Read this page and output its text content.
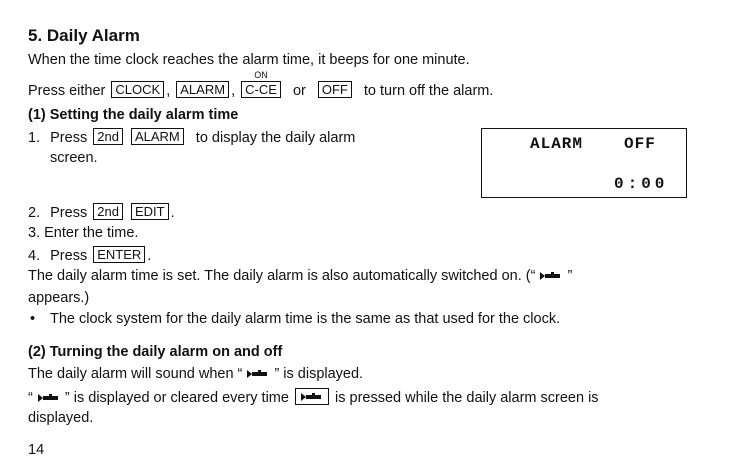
5. Daily Alarm
When the time clock reaches the alarm time, it beeps for one minute.
Press either CLOCK , ALARM ,
ON
C-CE or OFF to turn off the alarm.
(1) Setting the daily alarm time
1. Press 2nd ALARM to display the daily alarm
screen.
ALARM	OFF
0:00
2. Press 2nd EDIT .
3. Enter the time.
4. Press ENTER .
The daily alarm time is set. The daily alarm is also automatically switched on. (“ ”
appears.)
• The clock system for the daily alarm time is the same as that used for the clock.
(2) Turning the daily alarm on and off
The daily alarm will sound when “ ” is displayed.
“ ” is displayed or cleared every time	is pressed while the daily alarm screen is
displayed.
14
